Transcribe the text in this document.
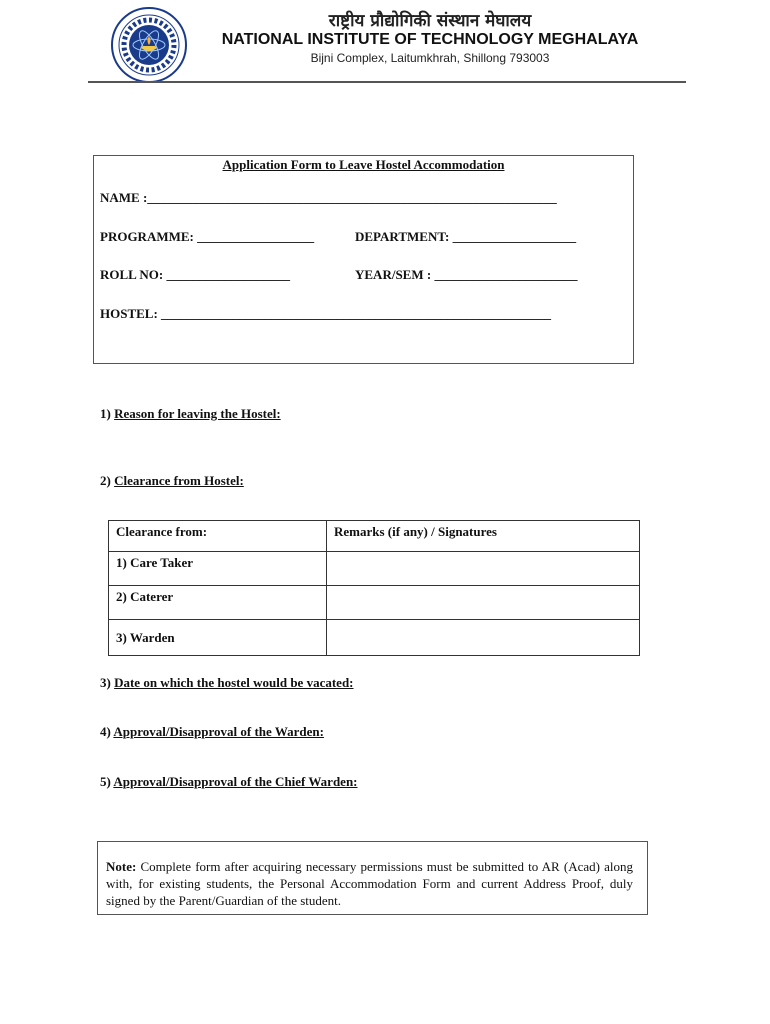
राष्ट्रीय प्रौद्योगिकी संस्थान मेघालय
NATIONAL INSTITUTE OF TECHNOLOGY MEGHALAYA
Bijni Complex, Laitumkhrah, Shillong 793003
Application Form to Leave Hostel Accommodation
NAME :_______________________________________________________________
PROGRAMME: __________________	DEPARTMENT: ___________________
ROLL NO: ___________________	YEAR/SEM : ______________________
HOSTEL: ____________________________________________________________
1) Reason for leaving the Hostel:
2) Clearance from Hostel:
Clearance from:	Remarks (if any) / Signatures
1) Care Taker	
2) Caterer	
3) Warden	
3) Date on which the hostel would be vacated:
4) Approval/Disapproval of the Warden:
5) Approval/Disapproval of the Chief Warden:
Note: Complete form after acquiring necessary permissions must be submitted to AR (Acad) along with, for existing students, the Personal Accommodation Form and current Address Proof, duly signed by the Parent/Guardian of the student.
